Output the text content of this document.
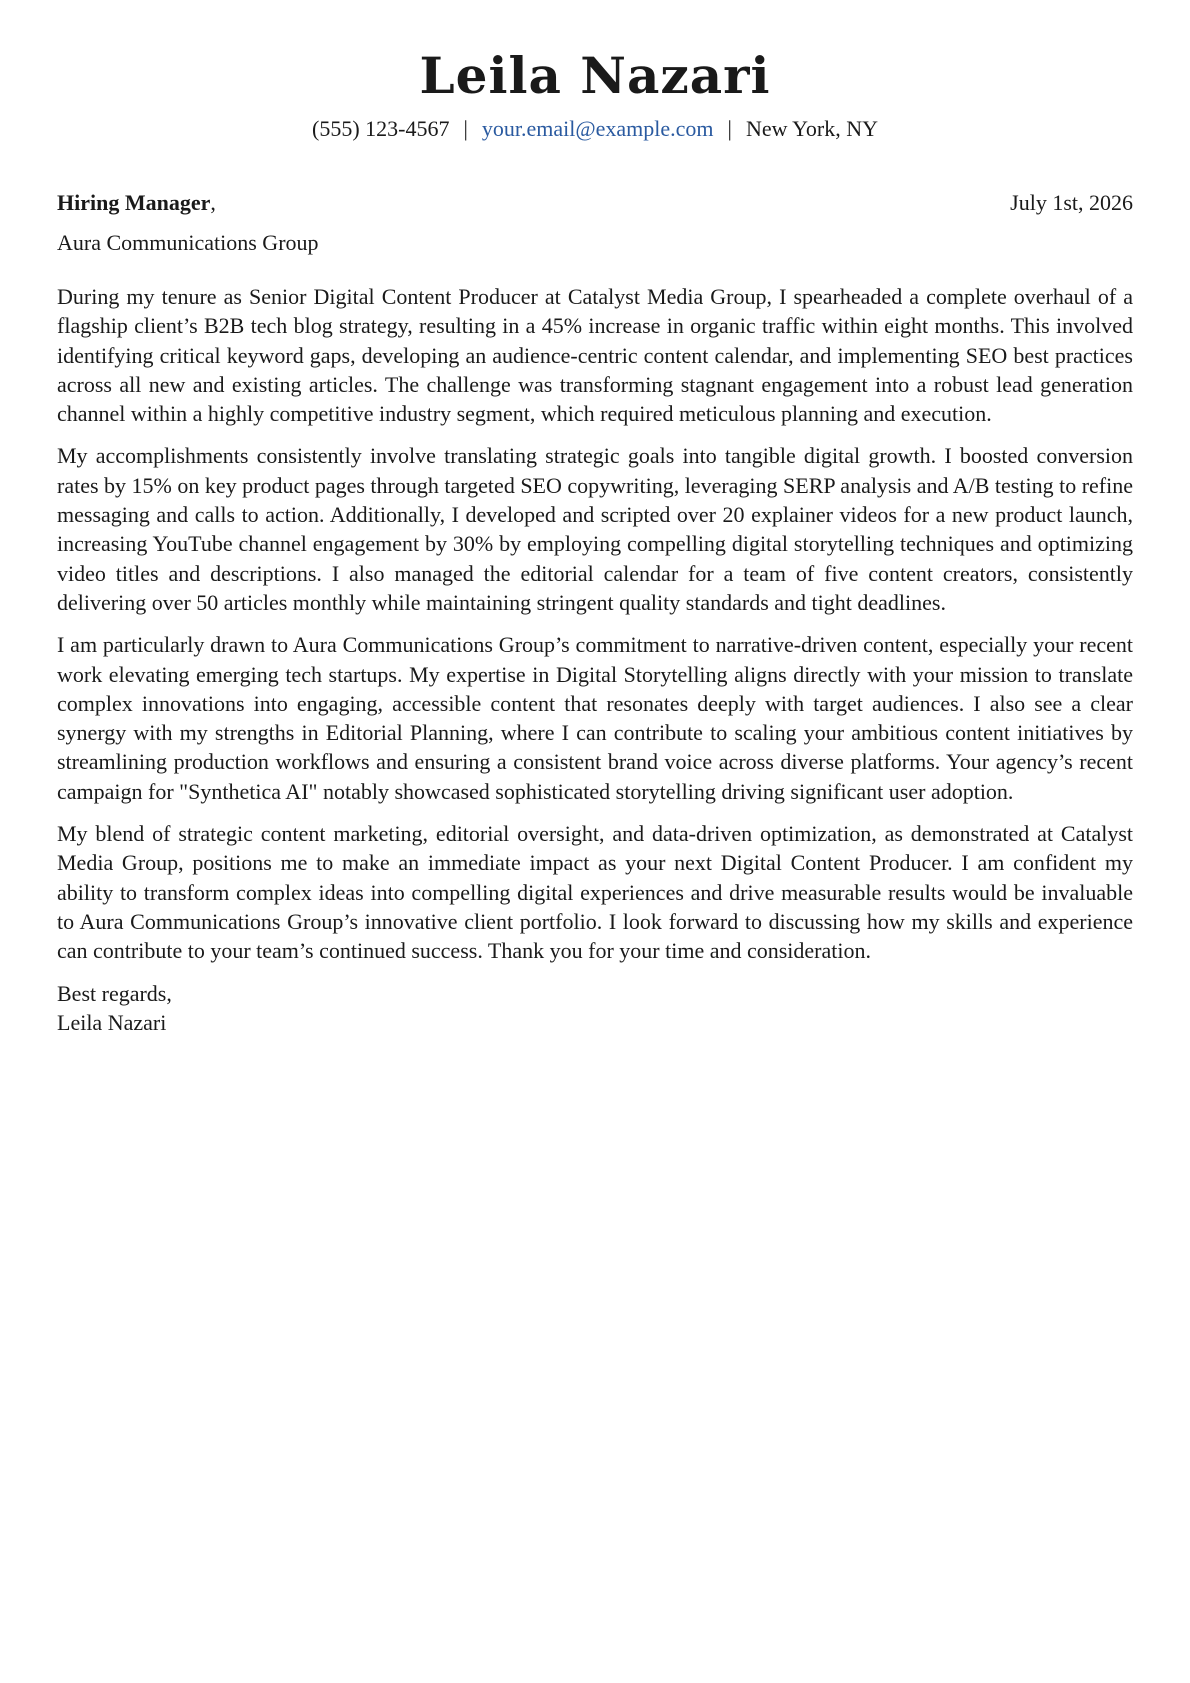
Leila Nazari
(555) 123-4567 | your.email@example.com | New York, NY
Hiring Manager,	July 1st, 2026
Aura Communications Group

During my tenure as Senior Digital Content Producer at Catalyst Media Group, I spearheaded a complete overhaul of a flagship client’s B2B tech blog strategy, resulting in a 45% increase in organic traffic within eight months. This involved identifying critical keyword gaps, developing an audience-centric content calendar, and implementing SEO best practices across all new and existing articles. The challenge was transforming stagnant engagement into a robust lead generation channel within a highly competitive industry segment, which required meticulous planning and execution.

My accomplishments consistently involve translating strategic goals into tangible digital growth. I boosted conversion rates by 15% on key product pages through targeted SEO copywriting, leveraging SERP analysis and A/B testing to refine messaging and calls to action. Additionally, I developed and scripted over 20 explainer videos for a new product launch, increasing YouTube channel engagement by 30% by employing compelling digital storytelling techniques and optimizing video titles and descriptions. I also managed the editorial calendar for a team of five content creators, consistently delivering over 50 articles monthly while maintaining stringent quality standards and tight deadlines.

I am particularly drawn to Aura Communications Group’s commitment to narrative-driven content, especially your recent work elevating emerging tech startups. My expertise in Digital Storytelling aligns directly with your mission to translate complex innovations into engaging, accessible content that resonates deeply with target audiences. I also see a clear synergy with my strengths in Editorial Planning, where I can contribute to scaling your ambitious content initiatives by streamlining production workflows and ensuring a consistent brand voice across diverse platforms. Your agency’s recent campaign for "Synthetica AI" notably showcased sophisticated storytelling driving significant user adoption.

My blend of strategic content marketing, editorial oversight, and data-driven optimization, as demonstrated at Catalyst Media Group, positions me to make an immediate impact as your next Digital Content Producer. I am confident my ability to transform complex ideas into compelling digital experiences and drive measurable results would be invaluable to Aura Communications Group’s innovative client portfolio. I look forward to discussing how my skills and experience can contribute to your team’s continued success. Thank you for your time and consideration.

Best regards,
Leila Nazari
